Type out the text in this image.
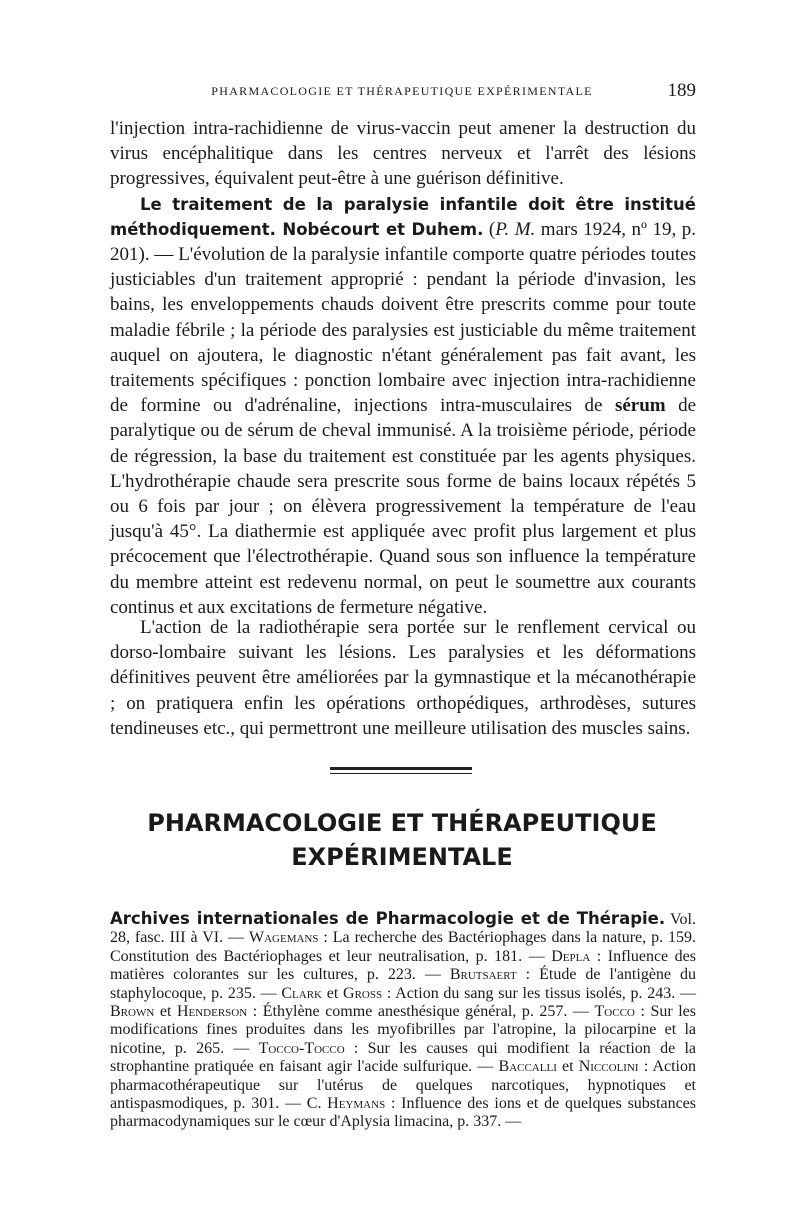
PHARMACOLOGIE ET THÉRAPEUTIQUE EXPÉRIMENTALE	189

l'injection intra-rachidienne de virus-vaccin peut amener la destruction du virus encéphalitique dans les centres nerveux et l'arrêt des lésions progressives, équivalent peut-être à une guérison définitive.

Le traitement de la paralysie infantile doit être institué méthodiquement. Nobécourt et Duhem. (P. M. mars 1924, nº 19, p. 201). — L'évolution de la paralysie infantile comporte quatre périodes toutes justiciables d'un traitement approprié : pendant la période d'invasion, les bains, les enveloppements chauds doivent être prescrits comme pour toute maladie fébrile ; la période des paralysies est justiciable du même traitement auquel on ajoutera, le diagnostic n'étant généralement pas fait avant, les traitements spécifiques : ponction lombaire avec injection intra-rachidienne de formine ou d'adrénaline, injections intra-musculaires de sérum de paralytique ou de sérum de cheval immunisé. A la troisième période, période de régression, la base du traitement est constituée par les agents physiques. L'hydrothérapie chaude sera prescrite sous forme de bains locaux répétés 5 ou 6 fois par jour ; on élèvera progressivement la température de l'eau jusqu'à 45°. La diathermie est appliquée avec profit plus largement et plus précocement que l'électrothérapie. Quand sous son influence la température du membre atteint est redevenu normal, on peut le soumettre aux courants continus et aux excitations de fermeture négative.

L'action de la radiothérapie sera portée sur le renflement cervical ou dorso-lombaire suivant les lésions. Les paralysies et les déformations définitives peuvent être améliorées par la gymnastique et la mécanothérapie ; on pratiquera enfin les opérations orthopédiques, arthrodèses, sutures tendineuses etc., qui permettront une meilleure utilisation des muscles sains.

PHARMACOLOGIE ET THÉRAPEUTIQUE
EXPÉRIMENTALE

Archives internationales de Pharmacologie et de Thérapie. Vol. 28, fasc. III à VI. — Wagemans : La recherche des Bactériophages dans la nature, p. 159. Constitution des Bactériophages et leur neutralisation, p. 181. — Depla : Influence des matières colorantes sur les cultures, p. 223. — Brutsaert : Étude de l'antigène du staphylocoque, p. 235. — Clark et Gross : Action du sang sur les tissus isolés, p. 243. — Brown et Henderson : Éthylène comme anesthésique général, p. 257. — Tocco : Sur les modifications fines produites dans les myofibrilles par l'atropine, la pilocarpine et la nicotine, p. 265. — Tocco-Tocco : Sur les causes qui modifient la réaction de la strophantine pratiquée en faisant agir l'acide sulfurique. — Baccalli et Niccolini : Action pharmacothérapeutique sur l'utérus de quelques narcotiques, hypnotiques et antispasmodiques, p. 301. — C. Heymans : Influence des ions et de quelques substances pharmacodynamiques sur le cœur d'Aplysia limacina, p. 337. —
